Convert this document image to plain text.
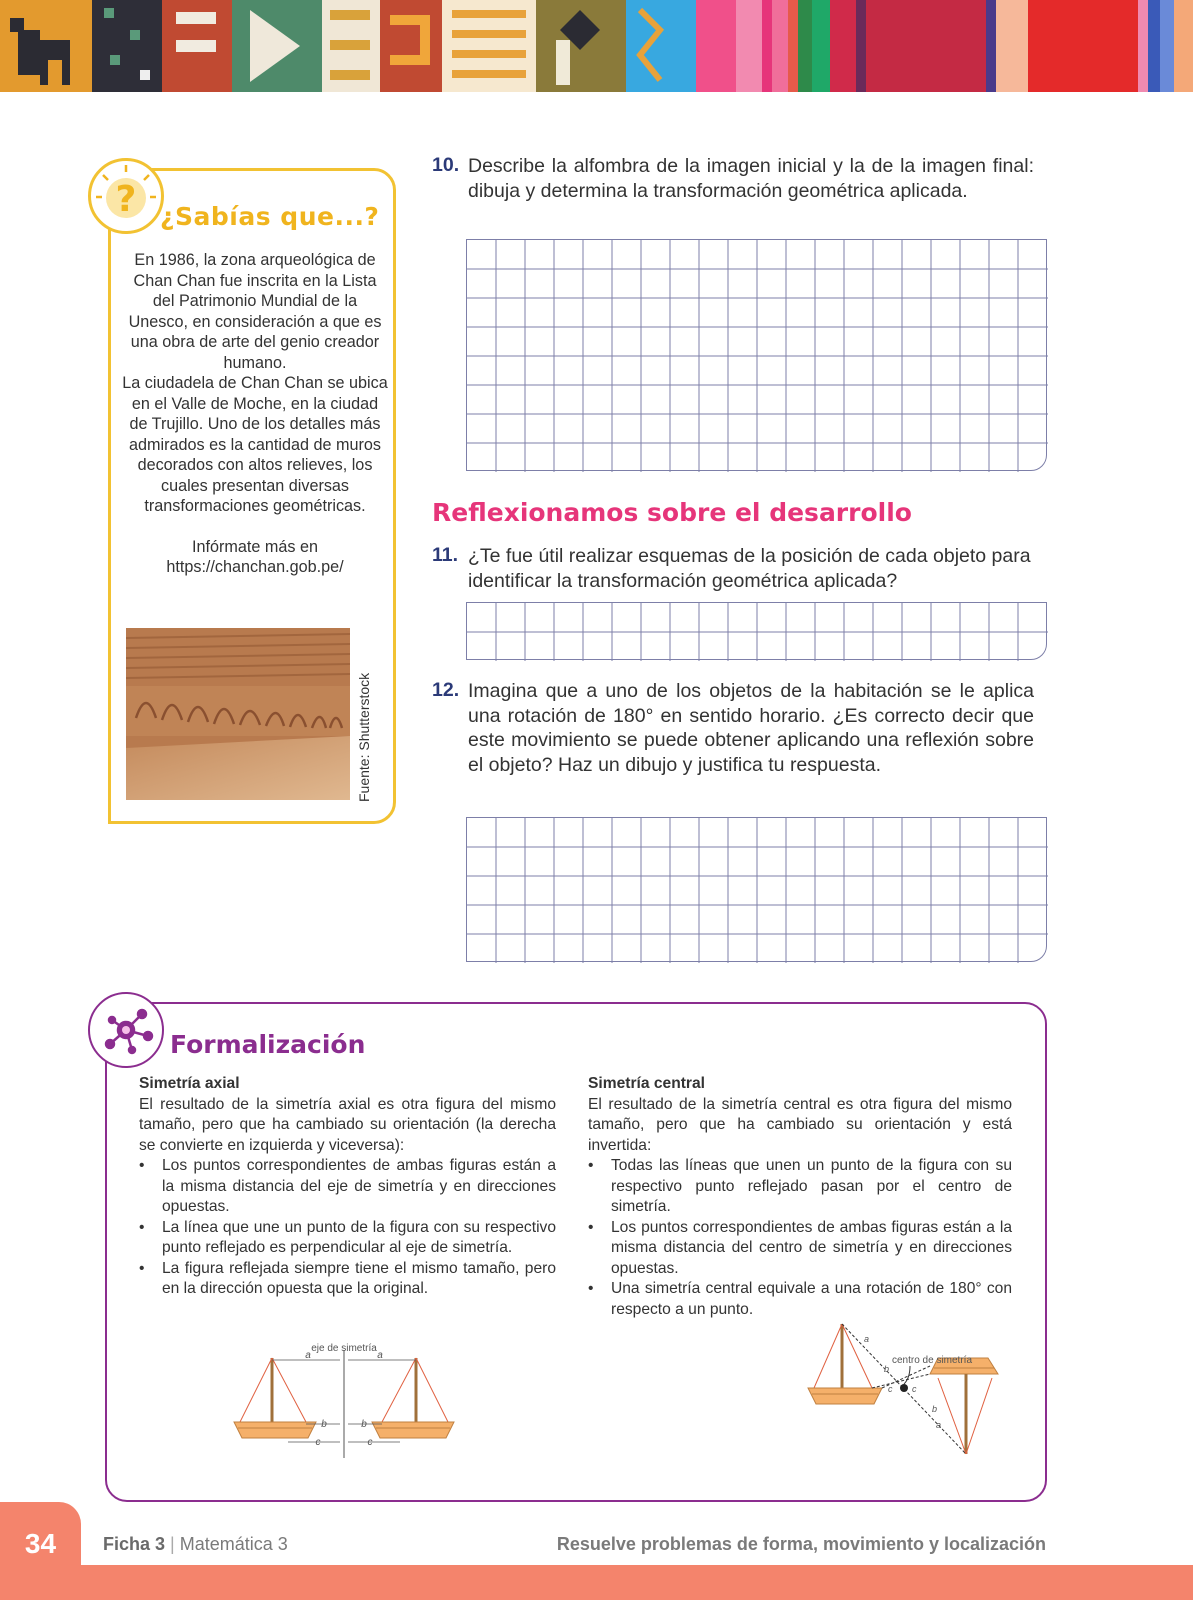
? ¿Sabías que...?
En 1986, la zona arqueológica de Chan Chan fue inscrita en la Lista del Patrimonio Mundial de la Unesco, en consideración a que es una obra de arte del genio creador humano.
La ciudadela de Chan Chan se ubica en el Valle de Moche, en la ciudad de Trujillo. Uno de los detalles más admirados es la cantidad de muros decorados con altos relieves, los cuales presentan diversas transformaciones geométricas.
Infórmate más en https://chanchan.gob.pe/
Fuente: Shutterstock
10. Describe la alfombra de la imagen inicial y la de la imagen final: dibuja y determina la transformación geométrica aplicada.
Reflexionamos sobre el desarrollo
11. ¿Te fue útil realizar esquemas de la posición de cada objeto para identificar la transformación geométrica aplicada?
12. Imagina que a uno de los objetos de la habitación se le aplica una rotación de 180° en sentido horario. ¿Es correcto decir que este movimiento se puede obtener aplicando una reflexión sobre el objeto? Haz un dibujo y justifica tu respuesta.
Formalización
Simetría axial

El resultado de la simetría axial es otra figura del mismo tamaño, pero que ha cambiado su orientación (la derecha se convierte en izquierda y viceversa):

• Los puntos correspondientes de ambas figuras están a la misma distancia del eje de simetría y en direcciones opuestas.
• La línea que une un punto de la figura con su respectivo punto reflejado es perpendicular al eje de simetría.
• La figura reflejada siempre tiene el mismo tamaño, pero en la dirección opuesta que la original.
Simetría central

El resultado de la simetría central es otra figura del mismo tamaño, pero que ha cambiado su orientación y está invertida:

• Todas las líneas que unen un punto de la figura con su respectivo punto reflejado pasan por el centro de simetría.
• Los puntos correspondientes de ambas figuras están a la misma distancia del centro de simetría y en direcciones opuestas.
• Una simetría central equivale a una rotación de 180° con respecto a un punto.
eje de simetría
a	a
b	b
c	c
centro de simetría
a
b
c c
b
a
34	Ficha 3 | Matemática 3	Resuelve problemas de forma, movimiento y localización
